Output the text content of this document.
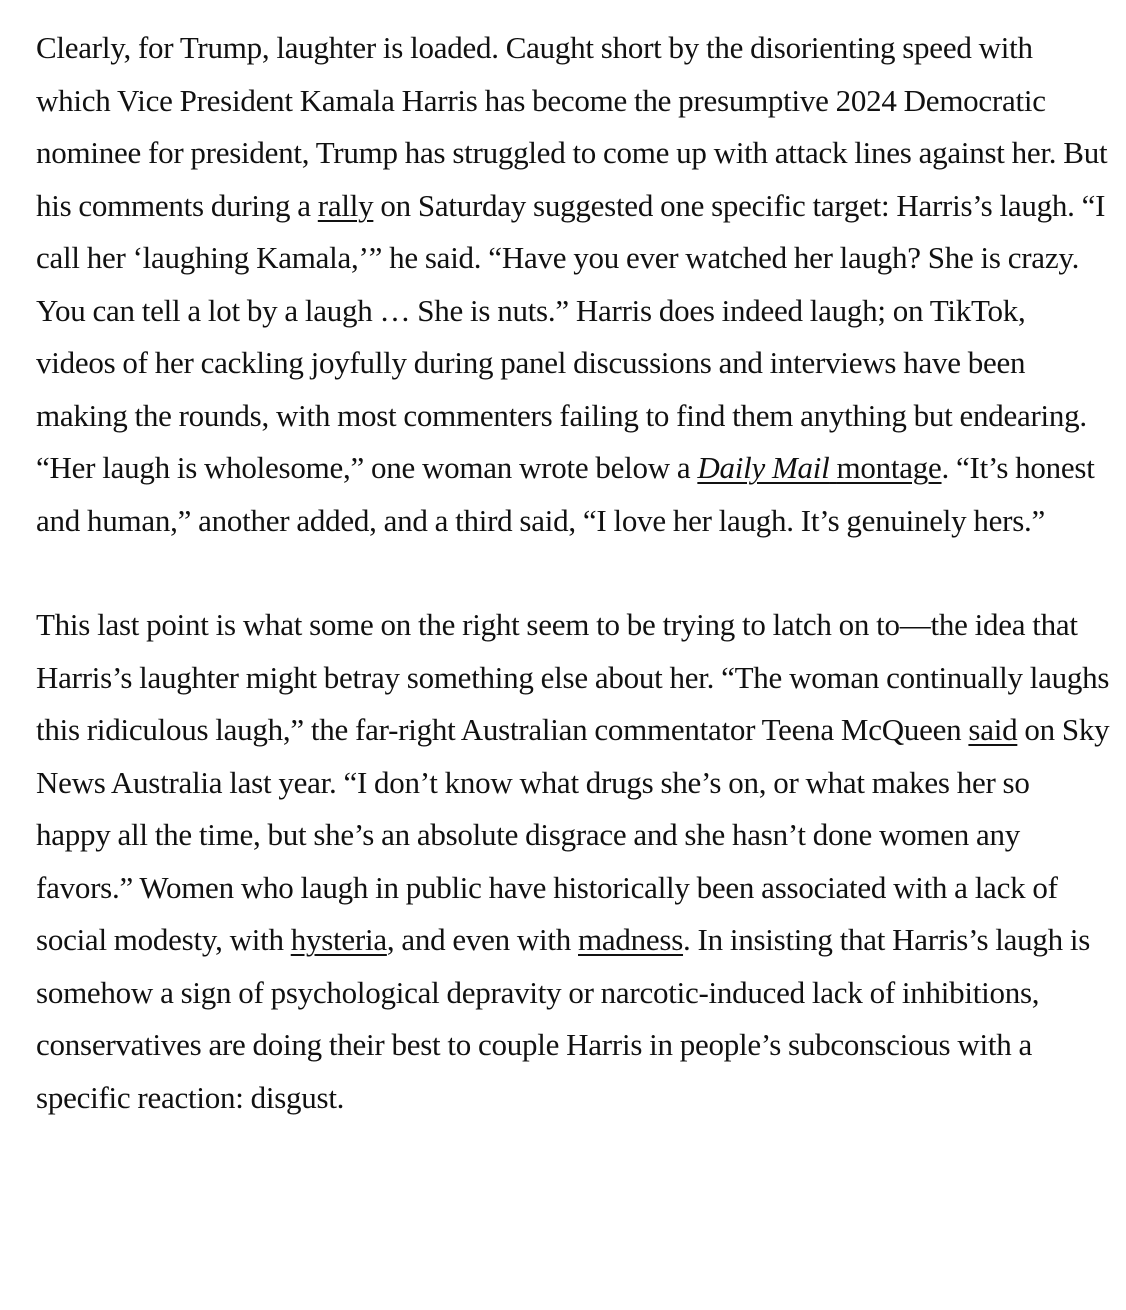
Clearly, for Trump, laughter is loaded. Caught short by the disorienting speed with which Vice President Kamala Harris has become the presumptive 2024 Democratic nominee for president, Trump has struggled to come up with attack lines against her. But his comments during a rally on Saturday suggested one specific target: Harris’s laugh. “I call her ‘laughing Kamala,’” he said. “Have you ever watched her laugh? She is crazy. You can tell a lot by a laugh … She is nuts.” Harris does indeed laugh; on TikTok, videos of her cackling joyfully during panel discussions and interviews have been making the rounds, with most commenters failing to find them anything but endearing. “Her laugh is wholesome,” one woman wrote below a Daily Mail montage. “It’s honest and human,” another added, and a third said, “I love her laugh. It’s genuinely hers.”

This last point is what some on the right seem to be trying to latch on to—the idea that Harris’s laughter might betray something else about her. “The woman continually laughs this ridiculous laugh,” the far-right Australian commentator Teena McQueen said on Sky News Australia last year. “I don’t know what drugs she’s on, or what makes her so happy all the time, but she’s an absolute disgrace and she hasn’t done women any favors.” Women who laugh in public have historically been associated with a lack of social modesty, with hysteria, and even with madness. In insisting that Harris’s laugh is somehow a sign of psychological depravity or narcotic-induced lack of inhibitions, conservatives are doing their best to couple Harris in people’s subconscious with a specific reaction: disgust.
